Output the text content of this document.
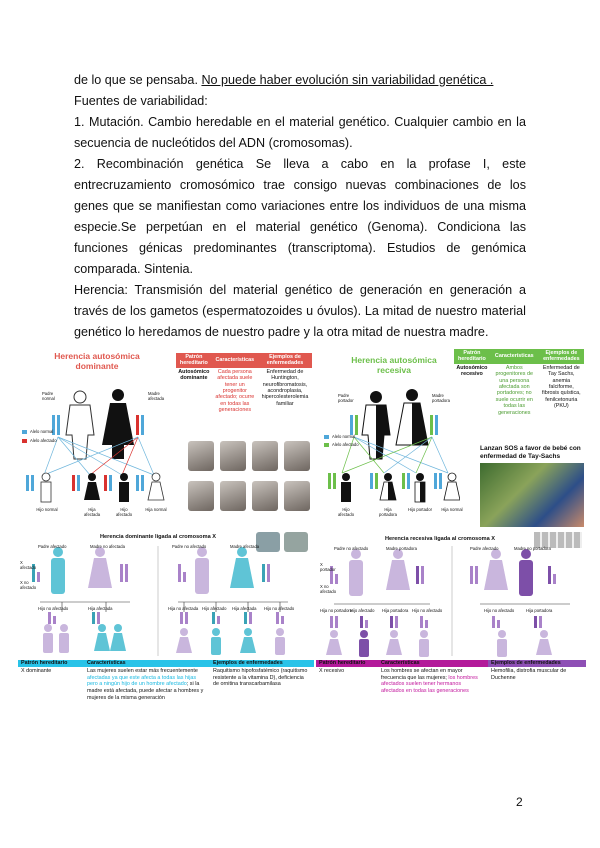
de lo que se pensaba. No puede haber evolución sin variabilidad genética .

Fuentes de variabilidad:

1. Mutación. Cambio heredable en el material genético. Cualquier cambio en la secuencia de nucleótidos del ADN (cromosomas).

2. Recombinación genética Se lleva a cabo en la profase I, este entrecruzamiento cromosómico trae consigo nuevas combinaciones de los genes que se manifiestan como variaciones entre los individuos de una misma especie.Se perpetúan en el material genético (Genoma). Condiciona las funciones génicas predominantes (transcriptoma). Estudios de genómica comparada. Sintenia.

Herencia: Transmisión del material genético de generación en generación a través de los gametos (espermatozoides u óvulos). La mitad de nuestro material genético lo heredamos de nuestro padre y la otra mitad de nuestra madre.

Herencia autosómica dominante
Padre normal
Madre afectada
Alelo normal
Alelo afectado
Hijo normal	Hija afectada
Hijo afectado
Hija normal
Patrón hereditario	Características	Ejemplos de enfermedades
Autosómico dominante	Cada persona afectada suele tener un progenitor afectado; ocurre en todas las generaciones	Enfermedad de Huntington, neurofibromatosis, acondroplasia, hipercolesterolemia familiar
Herencia autosómica recesiva
Padre portador
Madre portadora
Alelo normal
Alelo afectado
Hijo afectado
Hija portadora
Hijo portador	Hija normal
Patrón hereditario	Características	Ejemplos de enfermedades
Autosómico recesivo	Ambos progenitores de una persona afectada son portadores; no suele ocurrir en todas las generaciones	Enfermedad de Tay Sachs, anemia falciforme, fibrosis quística, fenilcetonuria (PKU)
Lanzan SOS a favor de bebé con enfermedad de Tay-Sachs
Herencia dominante ligada al cromosoma X
Padre afectado	Madre no afectada	Padre no afectado	Madre afectada
X afectado
X no afectado
Hijo no afectado	Hija afectada	Hija no afectada Hijo afectado Hija afectada Hijo no afectado
Herencia recesiva ligada al cromosoma X
Padre no afectado	Madre portadora	Padre afectado	Madre no portadora
X portador
X no afectado
Hija no portadora
Hijo afectado Hija portadora Hijo no afectado	Hijo no afectado	Hija portadora
Patrón hereditario	Características	Ejemplos de enfermedades
X dominante	Las mujeres suelen estar más frecuentemente afectadas ya que este afecta a todas las hijas pero a ningún hijo de un hombre afectado; si la madre está afectada, puede afectar a hombres y mujeres de la misma generación	Raquitismo hipofosfatémico (raquitismo resistente a la vitamina D), deficiencia de ornitina transcarbamilasa
Patrón hereditario	Características	Ejemplos de enfermedades
X recesivo	Los hombres se afectan en mayor frecuencia que las mujeres; los hombres afectados suelen tener hermanos afectados en todas las generaciones	Hemofilia, distrofia muscular de Duchenne
2
